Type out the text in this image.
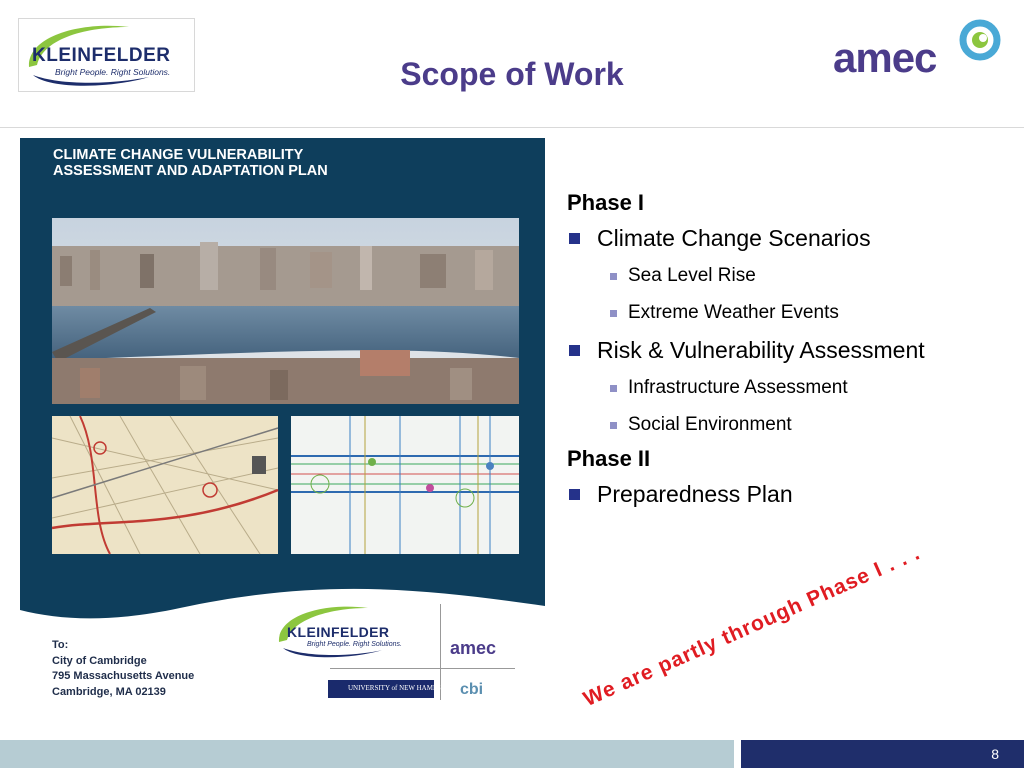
KLEINFELDER
Bright People. Right Solutions.	Scope of Work	amec
CLIMATE CHANGE VULNERABILITY
ASSESSMENT AND ADAPTATION PLAN
To:
City of Cambridge
795 Massachusetts Avenue
Cambridge, MA 02139
KLEINFELDER
Bright People. Right Solutions.	amec
UNIVERSITY of NEW HAMPSHIRE cbi
Phase I
Climate Change Scenarios
Sea Level Rise
Extreme Weather Events
Risk & Vulnerability Assessment
Infrastructure Assessment
Social Environment
Phase II
Preparedness Plan
We are partly through Phase I . . .
8
